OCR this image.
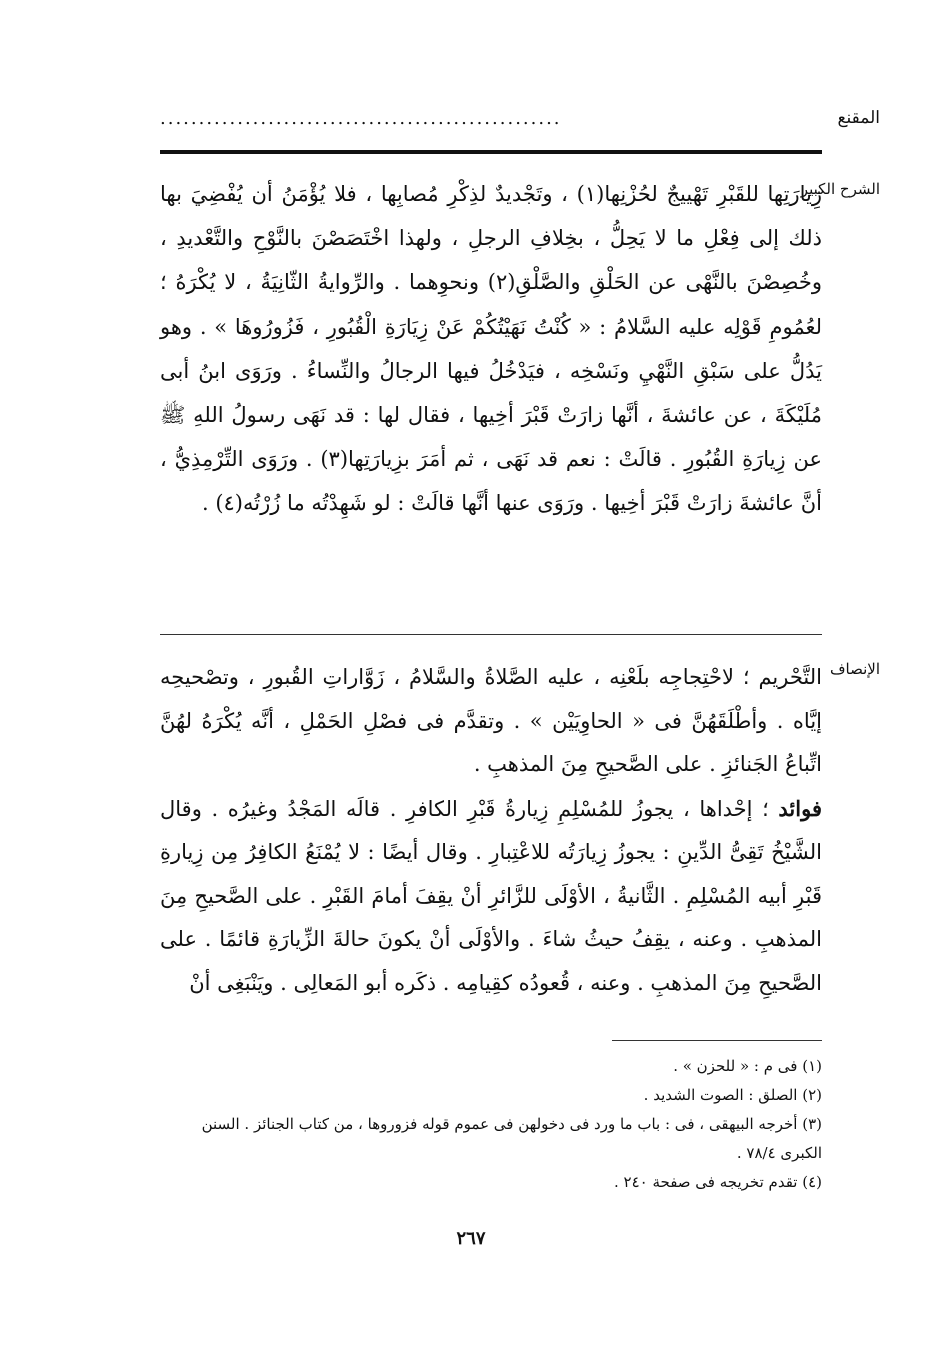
المقنع
....................................................
الشرح الكبير

زِيارَتِها للقَبْرِ تَهْييجٌ لحُزْنِها(١) ، وتَجْديدٌ لذِكْرِ مُصابِها ، فلا يُؤْمَنُ أن يُفْضِيَ بها ذلك إلى فِعْلِ ما لا يَحِلُّ ، بخِلافِ الرجلِ ، ولهذا اخْتَصَصْنَ بالنَّوْحِ والتَّعْديدِ ، وخُصِصْنَ بالنَّهْى عن الحَلْقِ والصَّلْقِ(٢) ونحوِهما . والرِّوايةُ الثّانِيَةُ ، لا يُكْرَهُ ؛ لعُمُومِ قَوْلِه عليه السَّلامُ : « كُنْتُ نَهَيْتُكُمْ عَنْ زِيَارَةِ الْقُبُورِ ، فَزُورُوهَا » . وهو يَدُلُّ على سَبْقِ النَّهْيِ ونَسْخِه ، فيَدْخُلُ فيها الرجالُ والنِّساءُ . ورَوَى ابنُ أبى مُلَيْكَةَ ، عن عائشةَ ، أنَّها زارَتْ قَبْرَ أخِيها ، فقال لها : قد نَهَى رسولُ اللهِ ﷺ عن زِيارَةِ القُبُورِ . قالَتْ : نعم قد نَهَى ، ثم أمَرَ بزِيارَتِها(٣) . ورَوَى التِّرْمِذِيُّ ، أنَّ عائشةَ زارَتْ قَبْرَ أخِيها . ورَوَى عنها أنَّها قالَتْ : لو شَهِدْتُه ما زُرْتُه(٤) .

الإنصاف

التَّحْريم ؛ لاحْتِجاجِه بلَعْنِه ، عليه الصَّلاةُ والسَّلامُ ، زَوَّاراتِ القُبورِ ، وتصْحيحِه إيَّاه . وأطْلَقَهُنَّ فى « الحاوِيَيْن » . وتقدَّم فى فصْلِ الحَمْلِ ، أنَّه يُكْرَهُ لهُنَّ اتِّباعُ الجَنائزِ . على الصَّحيحِ مِنَ المذهبِ .

فوائد ؛ إحْداها ، يجوزُ للمُسْلِمِ زِيارةُ قَبْرِ الكافرِ . قالَه المَجْدُ وغيرُه . وقال الشَّيْخُ تَقِىُّ الدِّينِ : يجوزُ زِيارَتُه للاعْتِبارِ . وقال أيضًا : لا يُمْنَعُ الكافِرُ مِن زِيارةِ قَبْرِ أبيه المُسْلِمِ . الثَّانيةُ ، الأوْلَى للزَّائرِ أنْ يقِفَ أمامَ القَبْرِ . على الصَّحيحِ مِنَ المذهبِ . وعنه ، يقِفُ حيثُ شاءَ . والأوْلَى أنْ يكونَ حالةَ الزِّيارَةِ قائمًا . على الصَّحيحِ مِنَ المذهبِ . وعنه ، قُعودُه كقِيامِه . ذكَره أبو المَعالِى . ويَنْبَغِى أنْ

(١) فى م : « للحزن » .

(٢) الصلق : الصوت الشديد .

(٣) أخرجه البيهقى ، فى : باب ما ورد فى دخولهن فى عموم قوله فزوروها ، من كتاب الجنائز . السنن الكبرى ٧٨/٤ .

(٤) تقدم تخريجه فى صفحة ٢٤٠ .

٢٦٧
